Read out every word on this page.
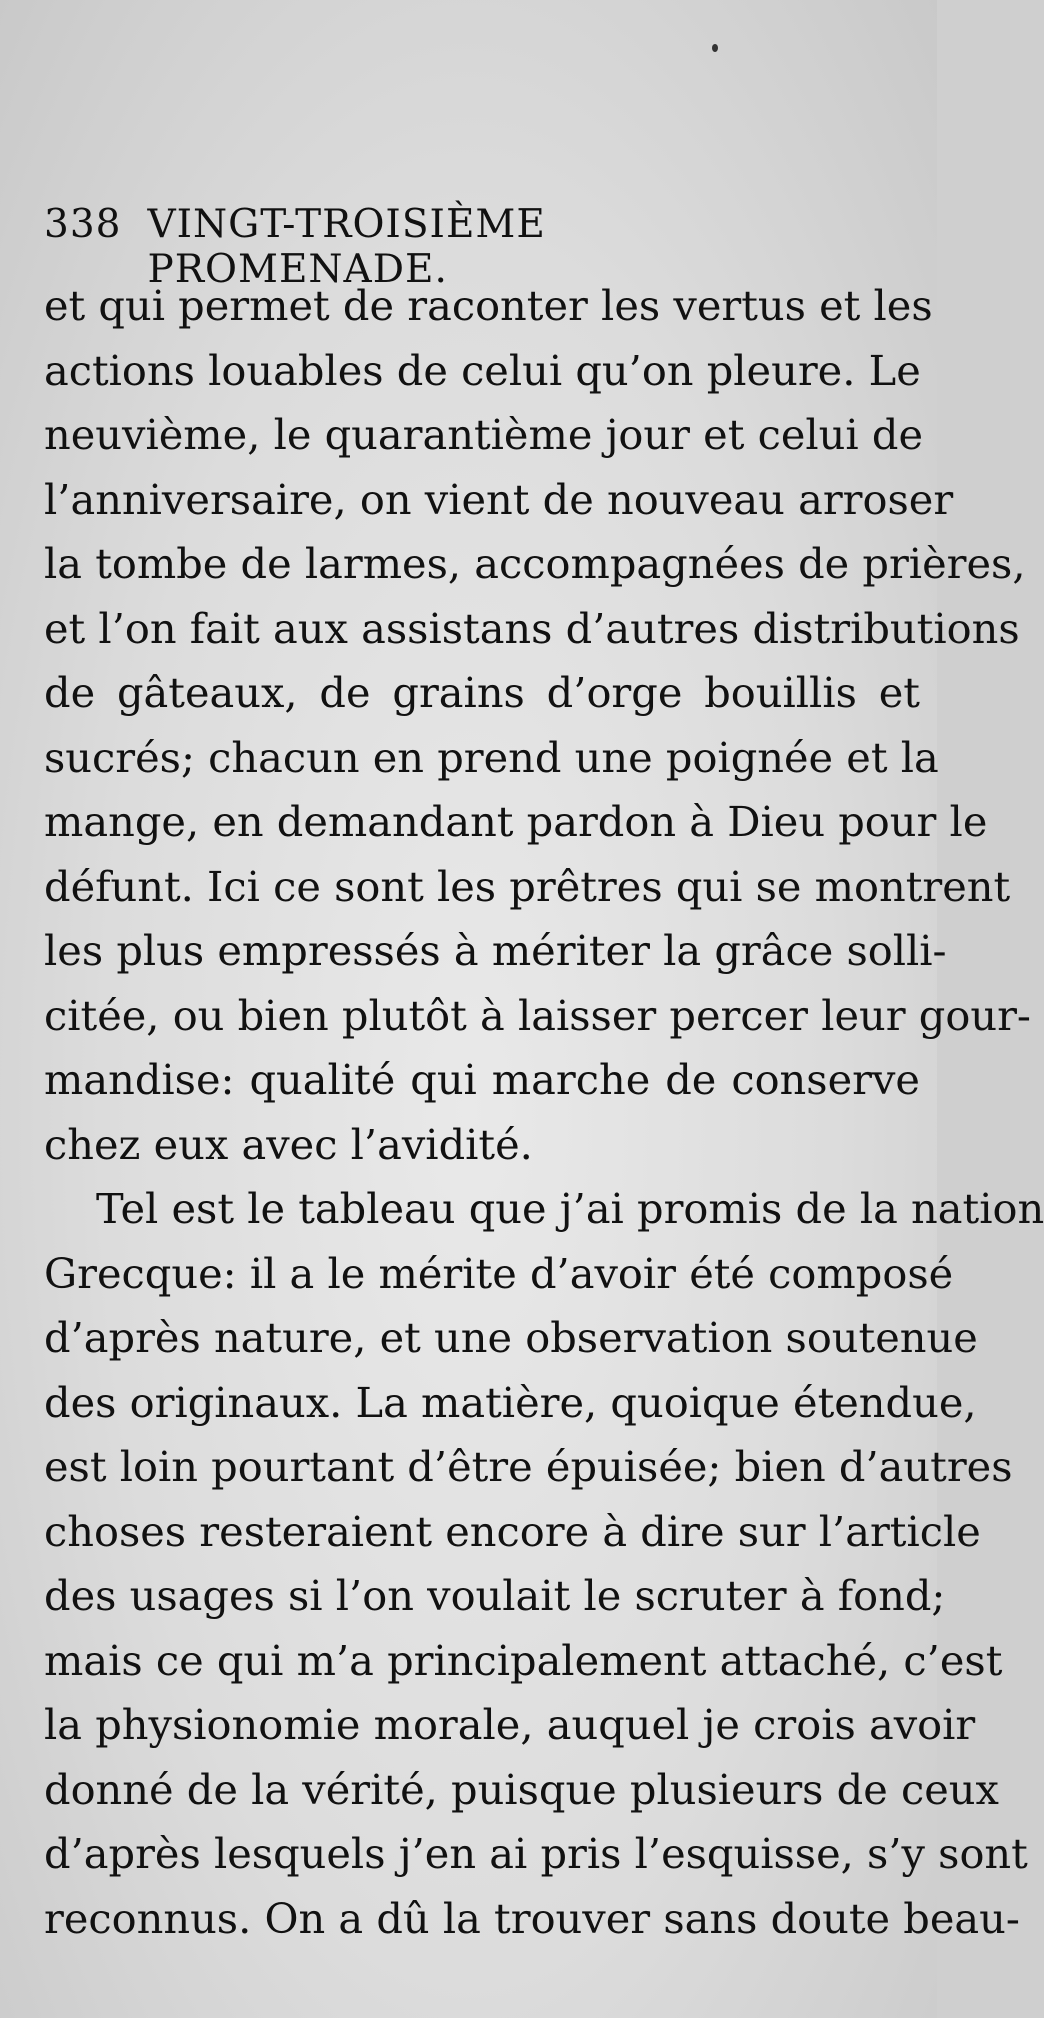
338 VINGT-TROISIÈME PROMENADE.
et qui permet de raconter les vertus et les
actions louables de celui qu’on pleure. Le
neuvième, le quarantième jour et celui de
l’anniversaire, on vient de nouveau arroser
la tombe de larmes, accompagnées de prières,
et l’on fait aux assistans d’autres distributions
de gâteaux, de grains d’orge bouillis et
sucrés; chacun en prend une poignée et la
mange, en demandant pardon à Dieu pour le
défunt. Ici ce sont les prêtres qui se montrent
les plus empressés à mériter la grâce solli-
citée, ou bien plutôt à laisser percer leur gour-
mandise: qualité qui marche de conserve
chez eux avec l’avidité.
Tel est le tableau que j’ai promis de la nation
Grecque: il a le mérite d’avoir été composé
d’après nature, et une observation soutenue
des originaux. La matière, quoique étendue,
est loin pourtant d’être épuisée; bien d’autres
choses resteraient encore à dire sur l’article
des usages si l’on voulait le scruter à fond;
mais ce qui m’a principalement attaché, c’est
la physionomie morale, auquel je crois avoir
donné de la vérité, puisque plusieurs de ceux
d’après lesquels j’en ai pris l’esquisse, s’y sont
reconnus. On a dû la trouver sans doute beau-
